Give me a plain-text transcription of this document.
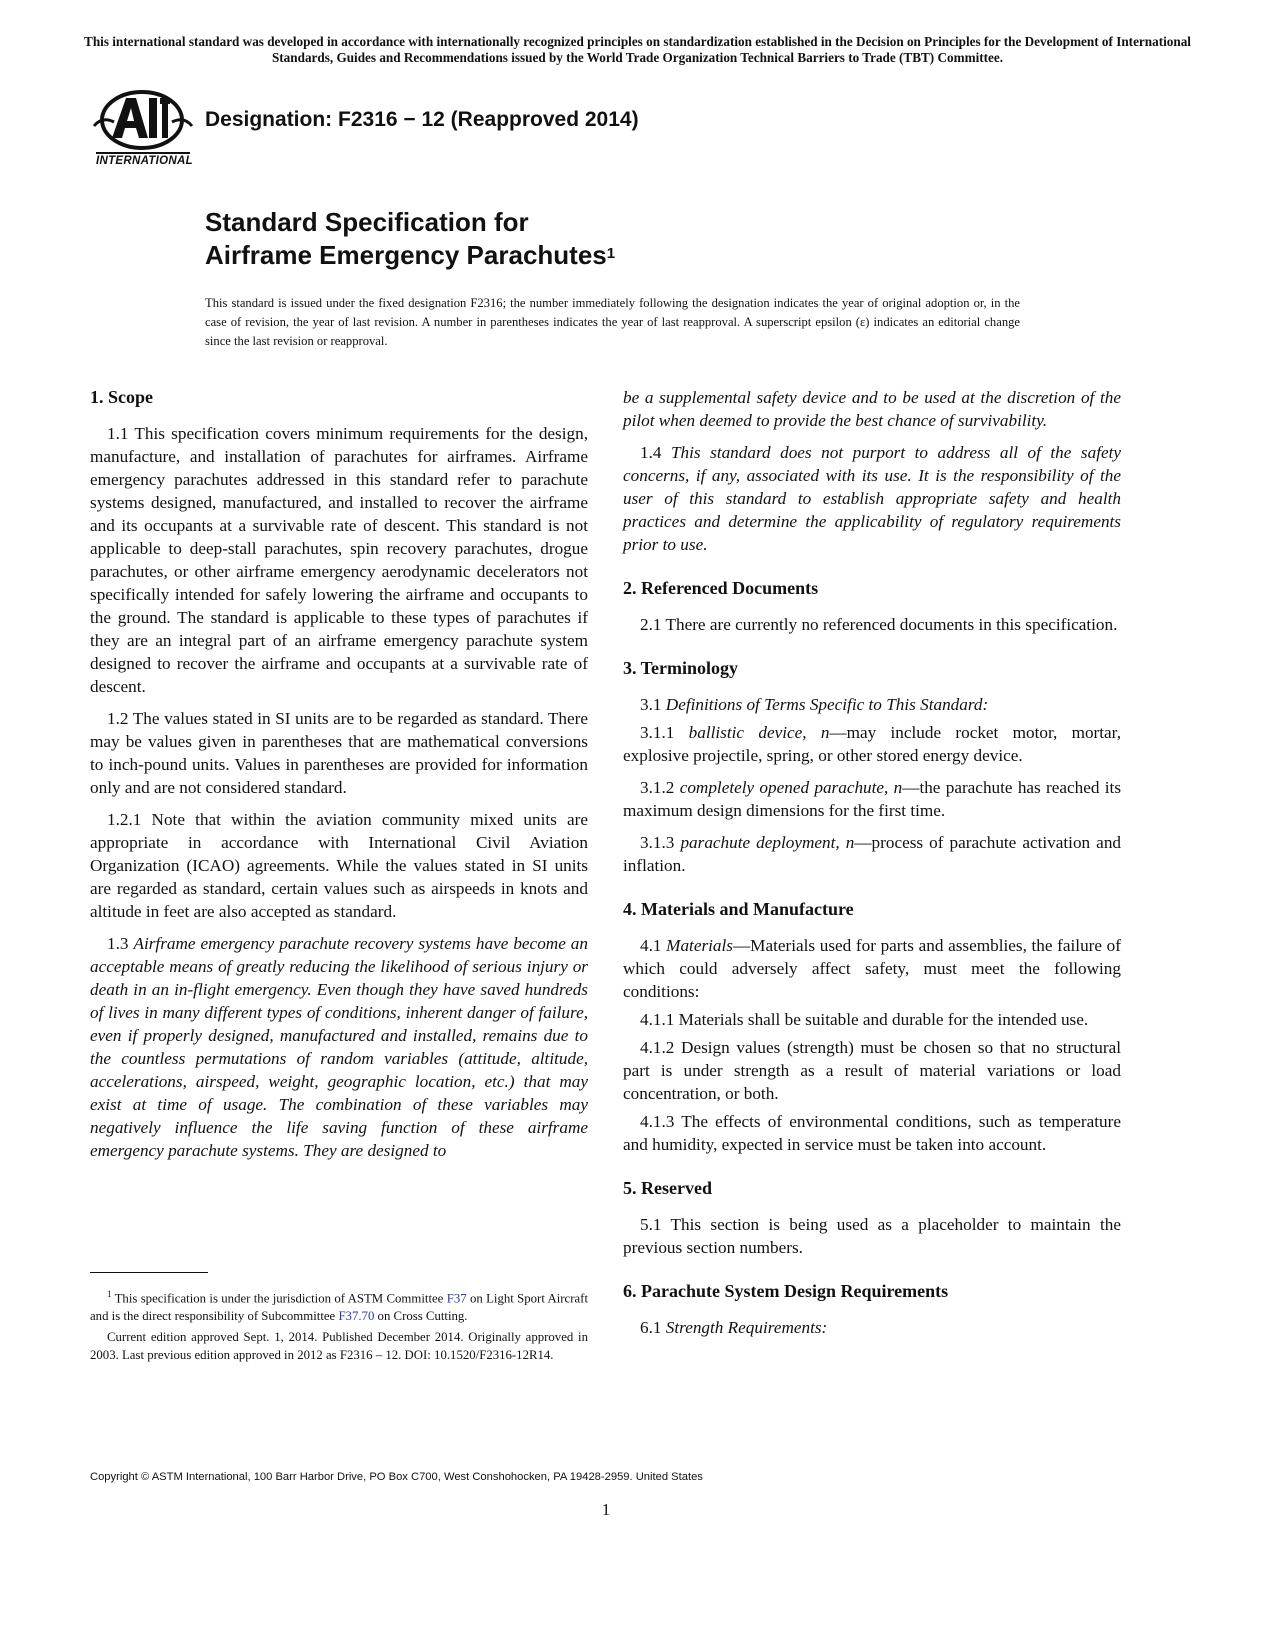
This international standard was developed in accordance with internationally recognized principles on standardization established in the Decision on Principles for the Development of International Standards, Guides and Recommendations issued by the World Trade Organization Technical Barriers to Trade (TBT) Committee.
INTERNATIONAL
Designation: F2316 − 12 (Reapproved 2014)
Standard Specification for
Airframe Emergency Parachutes$^1$
This standard is issued under the fixed designation F2316; the number immediately following the designation indicates the year of original adoption or, in the case of revision, the year of last revision. A number in parentheses indicates the year of last reapproval. A superscript epsilon (ε) indicates an editorial change since the last revision or reapproval.
1. Scope

1.1 This specification covers minimum requirements for the design, manufacture, and installation of parachutes for airframes. Airframe emergency parachutes addressed in this standard refer to parachute systems designed, manufactured, and installed to recover the airframe and its occupants at a survivable rate of descent. This standard is not applicable to deep-stall parachutes, spin recovery parachutes, drogue parachutes, or other airframe emergency aerodynamic decelerators not specifically intended for safely lowering the airframe and occupants to the ground. The standard is applicable to these types of parachutes if they are an integral part of an airframe emergency parachute system designed to recover the airframe and occupants at a survivable rate of descent.

1.2 The values stated in SI units are to be regarded as standard. There may be values given in parentheses that are mathematical conversions to inch-pound units. Values in parentheses are provided for information only and are not considered standard.

1.2.1 Note that within the aviation community mixed units are appropriate in accordance with International Civil Aviation Organization (ICAO) agreements. While the values stated in SI units are regarded as standard, certain values such as airspeeds in knots and altitude in feet are also accepted as standard.

1.3 Airframe emergency parachute recovery systems have become an acceptable means of greatly reducing the likelihood of serious injury or death in an in-flight emergency. Even though they have saved hundreds of lives in many different types of conditions, inherent danger of failure, even if properly designed, manufactured and installed, remains due to the countless permutations of random variables (attitude, altitude, accelerations, airspeed, weight, geographic location, etc.) that may exist at time of usage. The combination of these variables may negatively influence the life saving function of these airframe emergency parachute systems. They are designed to

$^1$ This specification is under the jurisdiction of ASTM Committee F37 on Light Sport Aircraft and is the direct responsibility of Subcommittee F37.70 on Cross Cutting.

Current edition approved Sept. 1, 2014. Published December 2014. Originally approved in 2003. Last previous edition approved in 2012 as F2316 – 12. DOI: 10.1520/F2316-12R14.

be a supplemental safety device and to be used at the discretion of the pilot when deemed to provide the best chance of survivability.

1.4 This standard does not purport to address all of the safety concerns, if any, associated with its use. It is the responsibility of the user of this standard to establish appropriate safety and health practices and determine the applicability of regulatory requirements prior to use.

2. Referenced Documents

2.1 There are currently no referenced documents in this specification.

3. Terminology

3.1 Definitions of Terms Specific to This Standard:

3.1.1 ballistic device, n—may include rocket motor, mortar, explosive projectile, spring, or other stored energy device.

3.1.2 completely opened parachute, n—the parachute has reached its maximum design dimensions for the first time.

3.1.3 parachute deployment, n—process of parachute activation and inflation.

4. Materials and Manufacture

4.1 Materials—Materials used for parts and assemblies, the failure of which could adversely affect safety, must meet the following conditions:

4.1.1 Materials shall be suitable and durable for the intended use.

4.1.2 Design values (strength) must be chosen so that no structural part is under strength as a result of material variations or load concentration, or both.

4.1.3 The effects of environmental conditions, such as temperature and humidity, expected in service must be taken into account.

5. Reserved

5.1 This section is being used as a placeholder to maintain the previous section numbers.

6. Parachute System Design Requirements

6.1 Strength Requirements:

Copyright © ASTM International, 100 Barr Harbor Drive, PO Box C700, West Conshohocken, PA 19428-2959. United States
1
